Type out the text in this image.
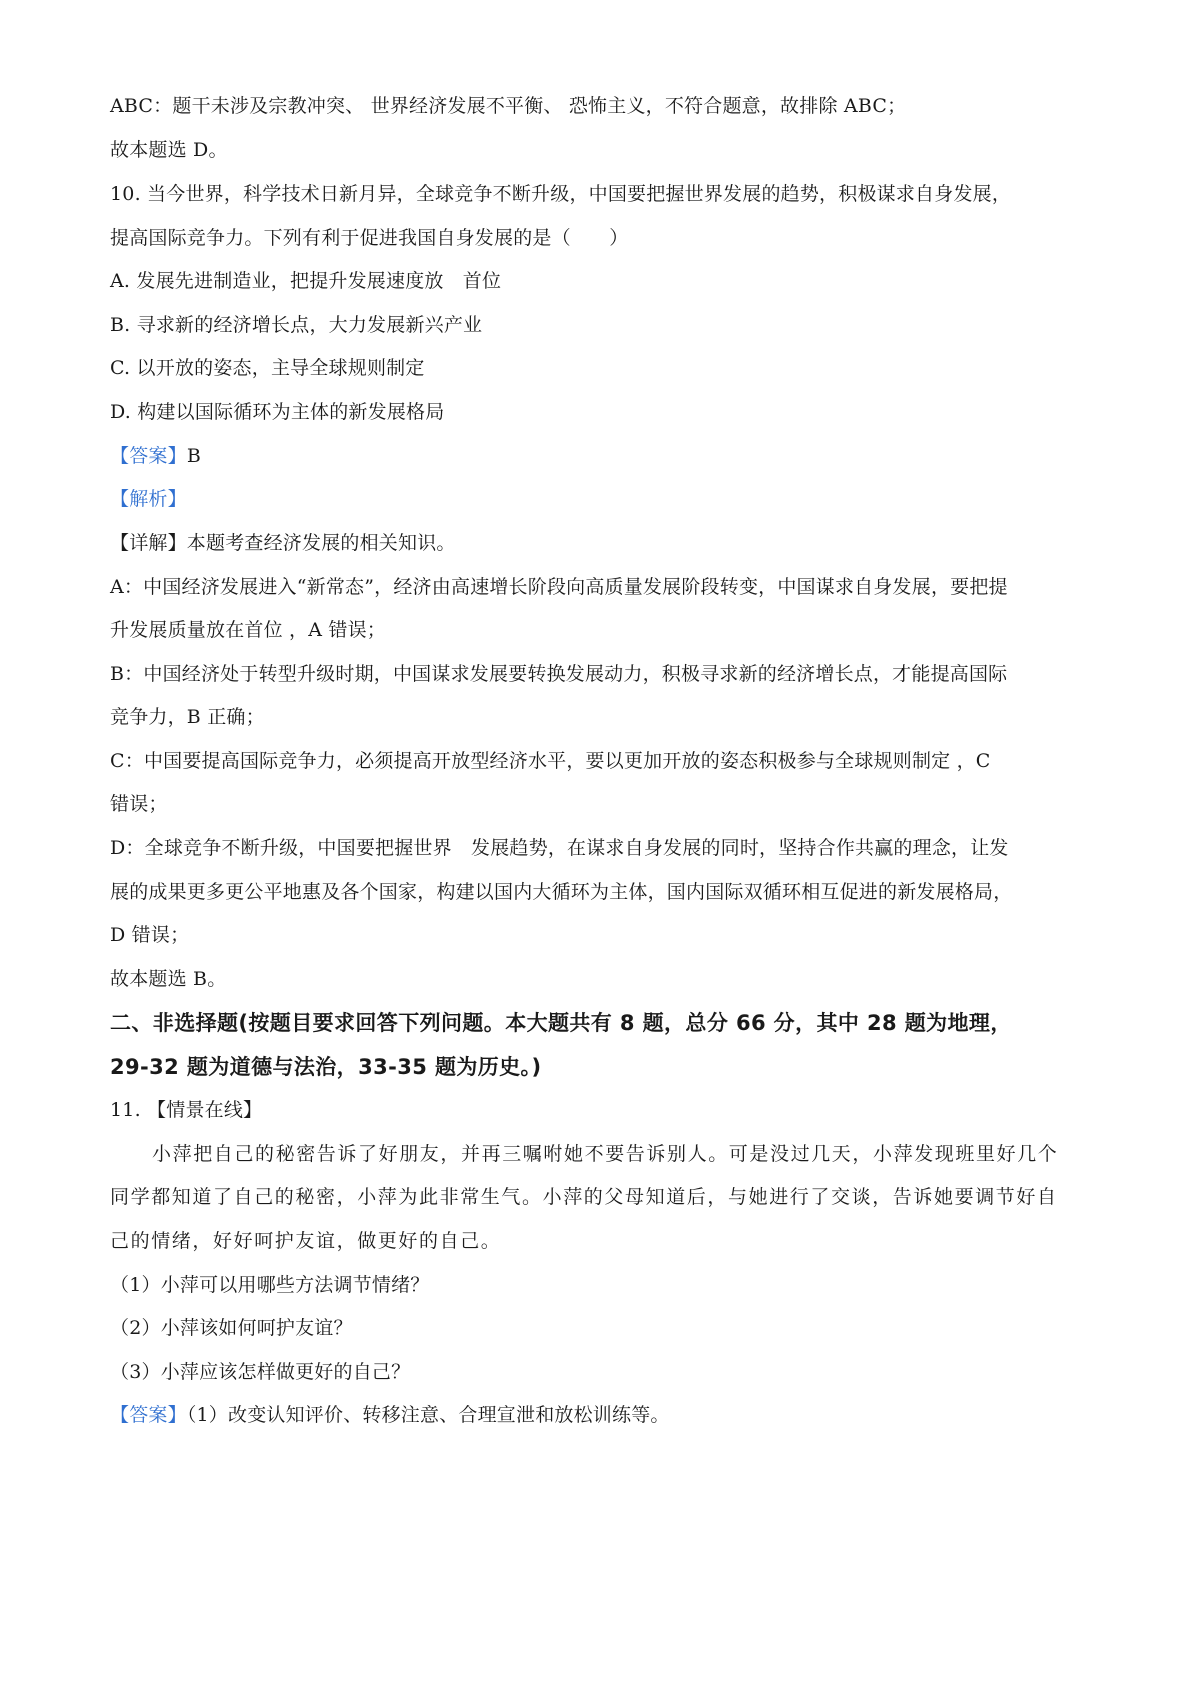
ABC：题干未涉及宗教冲突、 世界经济发展不平衡、 恐怖主义，不符合题意，故排除 ABC；
故本题选 D。
10. 当今世界，科学技术日新月异，全球竞争不断升级，中国要把握世界发展的趋势，积极谋求自身发展，
提高国际竞争力。下列有利于促进我国自身发展的是（　　）
A. 发展先进制造业，把提升发展速度放　首位
B. 寻求新的经济增长点，大力发展新兴产业
C. 以开放的姿态，主导全球规则制定
D. 构建以国际循环为主体的新发展格局
【答案】B
【解析】
【详解】本题考查经济发展的相关知识。
A：中国经济发展进入“新常态”，经济由高速增长阶段向高质量发展阶段转变，中国谋求自身发展，要把提
升发展质量放在首位 ，A 错误；
B：中国经济处于转型升级时期，中国谋求发展要转换发展动力，积极寻求新的经济增长点，才能提高国际
竞争力，B 正确；
C：中国要提高国际竞争力，必须提高开放型经济水平，要以更加开放的姿态积极参与全球规则制定 ，C
错误；
D：全球竞争不断升级，中国要把握世界　发展趋势，在谋求自身发展的同时，坚持合作共赢的理念，让发
展的成果更多更公平地惠及各个国家，构建以国内大循环为主体，国内国际双循环相互促进的新发展格局，
D 错误；
故本题选 B。
二、非选择题(按题目要求回答下列问题。本大题共有 8 题，总分 66 分，其中 28 题为地理，
29-32 题为道德与法治，33-35 题为历史。)
11. 【情景在线】
小萍把自己的秘密告诉了好朋友，并再三嘱咐她不要告诉别人。可是没过几天，小萍发现班里好几个
同学都知道了自己的秘密，小萍为此非常生气。小萍的父母知道后，与她进行了交谈，告诉她要调节好自
己的情绪，好好呵护友谊，做更好的自己。
（1）小萍可以用哪些方法调节情绪？
（2）小萍该如何呵护友谊？
（3）小萍应该怎样做更好的自己？
【答案】（1）改变认知评价、转移注意、合理宣泄和放松训练等。
